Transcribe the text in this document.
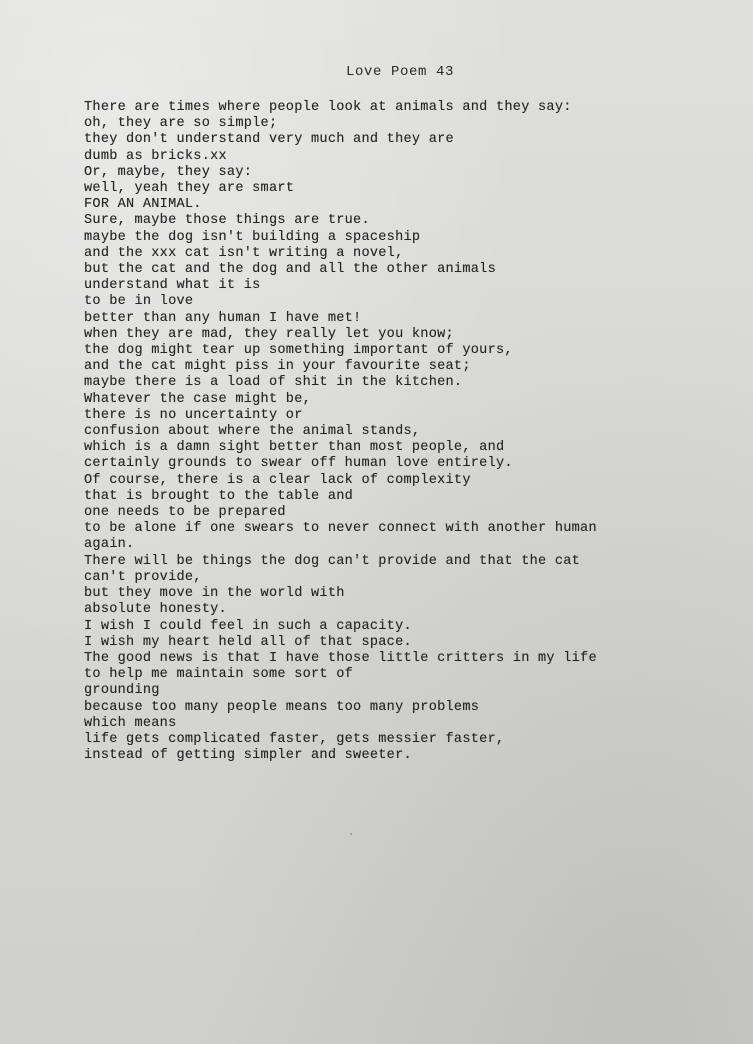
Love Poem 43
There are times where people look at animals and they say:
oh, they are so simple;
they don't understand very much and they are
dumb as bricks.xx
Or, maybe, they say:
well, yeah they are smart
FOR AN ANIMAL.
Sure, maybe those things are true.
maybe the dog isn't building a spaceship
and the xxx cat isn't writing a novel,
but the cat and the dog and all the other animals
understand what it is
to be in love
better than any human I have met!
when they are mad, they really let you know;
the dog might tear up something important of yours,
and the cat might piss in your favourite seat;
maybe there is a load of shit in the kitchen.
Whatever the case might be,
there is no uncertainty or
confusion about where the animal stands,
which is a damn sight better than most people, and
certainly grounds to swear off human love entirely.
Of course, there is a clear lack of complexity
that is brought to the table and
one needs to be prepared
to be alone if one swears to never connect with another human
again.
There will be things the dog can't provide and that the cat
can't provide,
but they move in the world with
absolute honesty.
I wish I could feel in such a capacity.
I wish my heart held all of that space.
The good news is that I have those little critters in my life
to help me maintain some sort of
grounding
because too many people means too many problems
which means
life gets complicated faster, gets messier faster,
instead of getting simpler and sweeter.
